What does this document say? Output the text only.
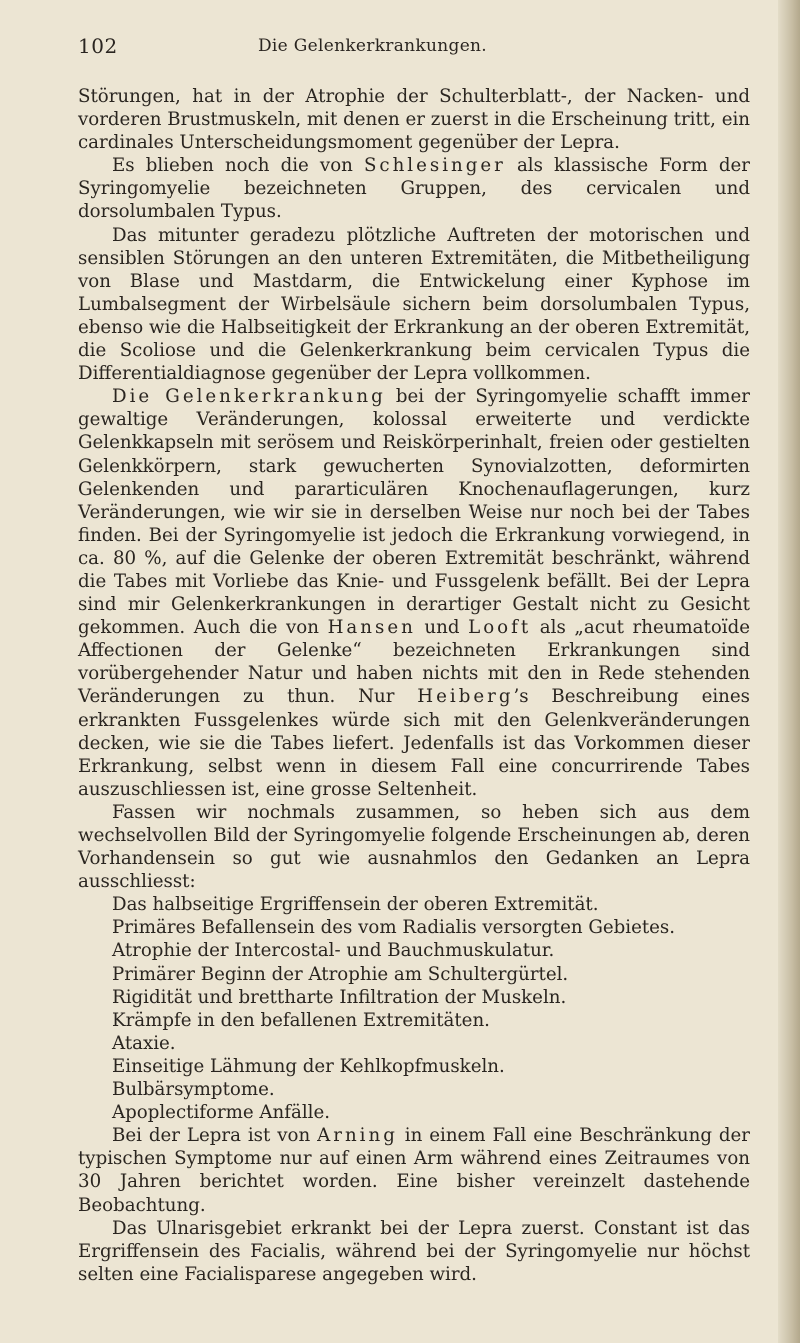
102	Die Gelenkerkrankungen.

Störungen, hat in der Atrophie der Schulterblatt-, der Nacken- und vorderen Brustmuskeln, mit denen er zuerst in die Erscheinung tritt, ein cardinales Unterscheidungsmoment gegenüber der Lepra.

Es blieben noch die von Schlesinger als klassische Form der Syringomyelie bezeichneten Gruppen, des cervicalen und dorsolumbalen Typus.

Das mitunter geradezu plötzliche Auftreten der motorischen und sensiblen Störungen an den unteren Extremitäten, die Mitbetheiligung von Blase und Mastdarm, die Entwickelung einer Kyphose im Lumbalsegment der Wirbelsäule sichern beim dorsolumbalen Typus, ebenso wie die Halbseitigkeit der Erkrankung an der oberen Extremität, die Scoliose und die Gelenkerkrankung beim cervicalen Typus die Differentialdiagnose gegenüber der Lepra vollkommen.

Die Gelenkerkrankung bei der Syringomyelie schafft immer gewaltige Veränderungen, kolossal erweiterte und verdickte Gelenkkapseln mit serösem und Reiskörperinhalt, freien oder gestielten Gelenkkörpern, stark gewucherten Synovialzotten, deformirten Gelenkenden und pararticulären Knochenauflagerungen, kurz Veränderungen, wie wir sie in derselben Weise nur noch bei der Tabes finden. Bei der Syringomyelie ist jedoch die Erkrankung vorwiegend, in ca. 80 %, auf die Gelenke der oberen Extremität beschränkt, während die Tabes mit Vorliebe das Knie- und Fussgelenk befällt. Bei der Lepra sind mir Gelenkerkrankungen in derartiger Gestalt nicht zu Gesicht gekommen. Auch die von Hansen und Looft als „acut rheumatoïde Affectionen der Gelenke“ bezeichneten Erkrankungen sind vorübergehender Natur und haben nichts mit den in Rede stehenden Veränderungen zu thun. Nur Heiberg’s Beschreibung eines erkrankten Fussgelenkes würde sich mit den Gelenkveränderungen decken, wie sie die Tabes liefert. Jedenfalls ist das Vorkommen dieser Erkrankung, selbst wenn in diesem Fall eine concurrirende Tabes auszuschliessen ist, eine grosse Seltenheit.

Fassen wir nochmals zusammen, so heben sich aus dem wechselvollen Bild der Syringomyelie folgende Erscheinungen ab, deren Vorhandensein so gut wie ausnahmlos den Gedanken an Lepra ausschliesst:

Das halbseitige Ergriffensein der oberen Extremität.
Primäres Befallensein des vom Radialis versorgten Gebietes.
Atrophie der Intercostal- und Bauchmuskulatur.
Primärer Beginn der Atrophie am Schultergürtel.
Rigidität und bretthartе Infiltration der Muskeln.
Krämpfe in den befallenen Extremitäten.
Ataxie.
Einseitige Lähmung der Kehlkopfmuskeln.
Bulbärsymptome.
Apoplectiforme Anfälle.

Bei der Lepra ist von Arning in einem Fall eine Beschränkung der typischen Symptome nur auf einen Arm während eines Zeitraumes von 30 Jahren berichtet worden. Eine bisher vereinzelt dastehende Beobachtung.

Das Ulnarisgebiet erkrankt bei der Lepra zuerst. Constant ist das Ergriffensein des Facialis, während bei der Syringomyelie nur höchst selten eine Facialisparese angegeben wird.
